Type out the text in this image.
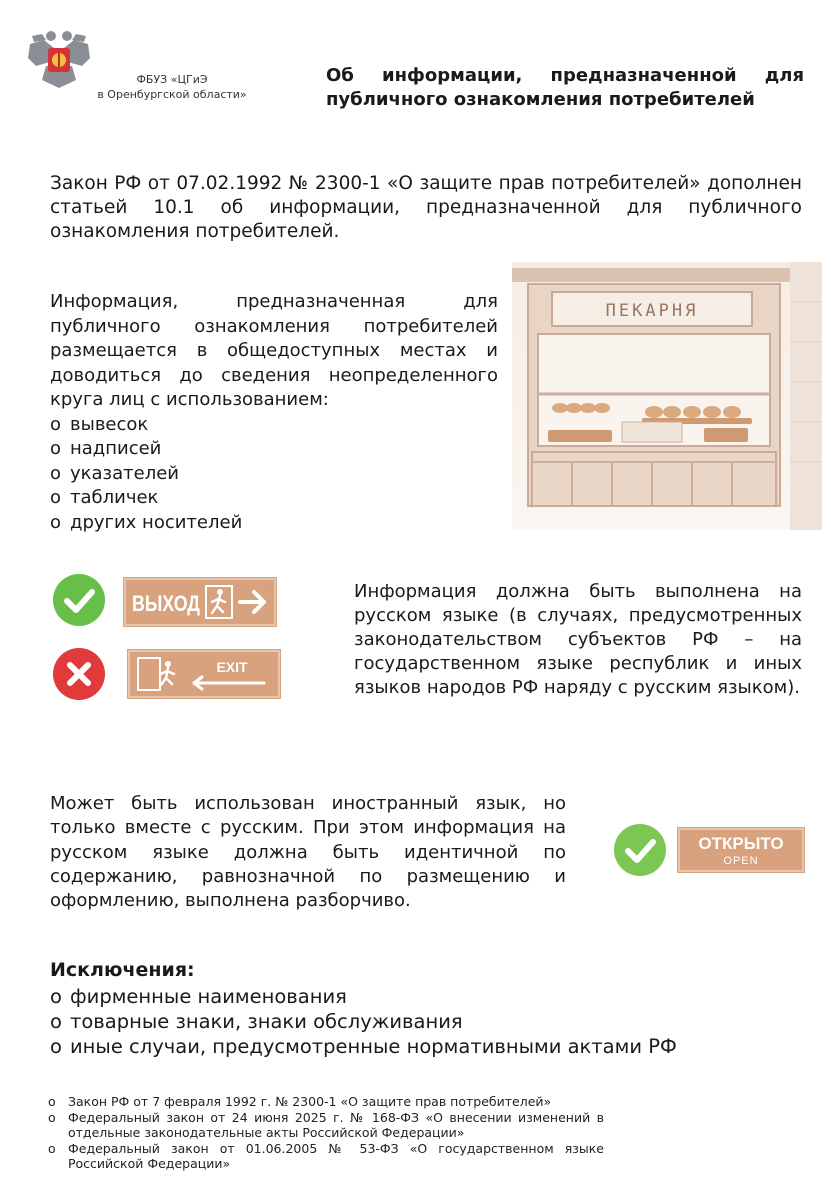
ФБУЗ «ЦГиЭ
в Оренбургской области»
Об информации, предназначенной для публичного ознакомления потребителей
Закон РФ от 07.02.1992 № 2300-1 «О защите прав потребителей» дополнен статьей 10.1 об информации, предназначенной для публичного ознакомления потребителей.
Информация, предназначенная для публичного ознакомления потребителей размещается в общедоступных местах и доводиться до сведения неопределенного круга лиц с использованием:
o вывесок
o надписей
o указателей
o табличек
o других носителей
ПЕКАРНЯ
ВЫХОД
EXIT
Информация должна быть выполнена на русском языке (в случаях, предусмотренных законодательством субъектов РФ – на государственном языке республик и иных языков народов РФ наряду с русским языком).
Может быть использован иностранный язык, но только вместе с русским. При этом информация на русском языке должна быть идентичной по содержанию, равнозначной по размещению и оформлению, выполнена разборчиво.
ОТКРЫТО
OPEN
Исключения:
o фирменные наименования
o товарные знаки, знаки обслуживания
o иные случаи, предусмотренные нормативными актами РФ
o Закон РФ от 7 февраля 1992 г. № 2300-1 «О защите прав потребителей»
o Федеральный закон от 24 июня 2025 г. № 168-ФЗ «О внесении изменений в отдельные законодательные акты Российской Федерации»
o Федеральный закон от 01.06.2005 № 53-ФЗ «О государственном языке Российской Федерации»
